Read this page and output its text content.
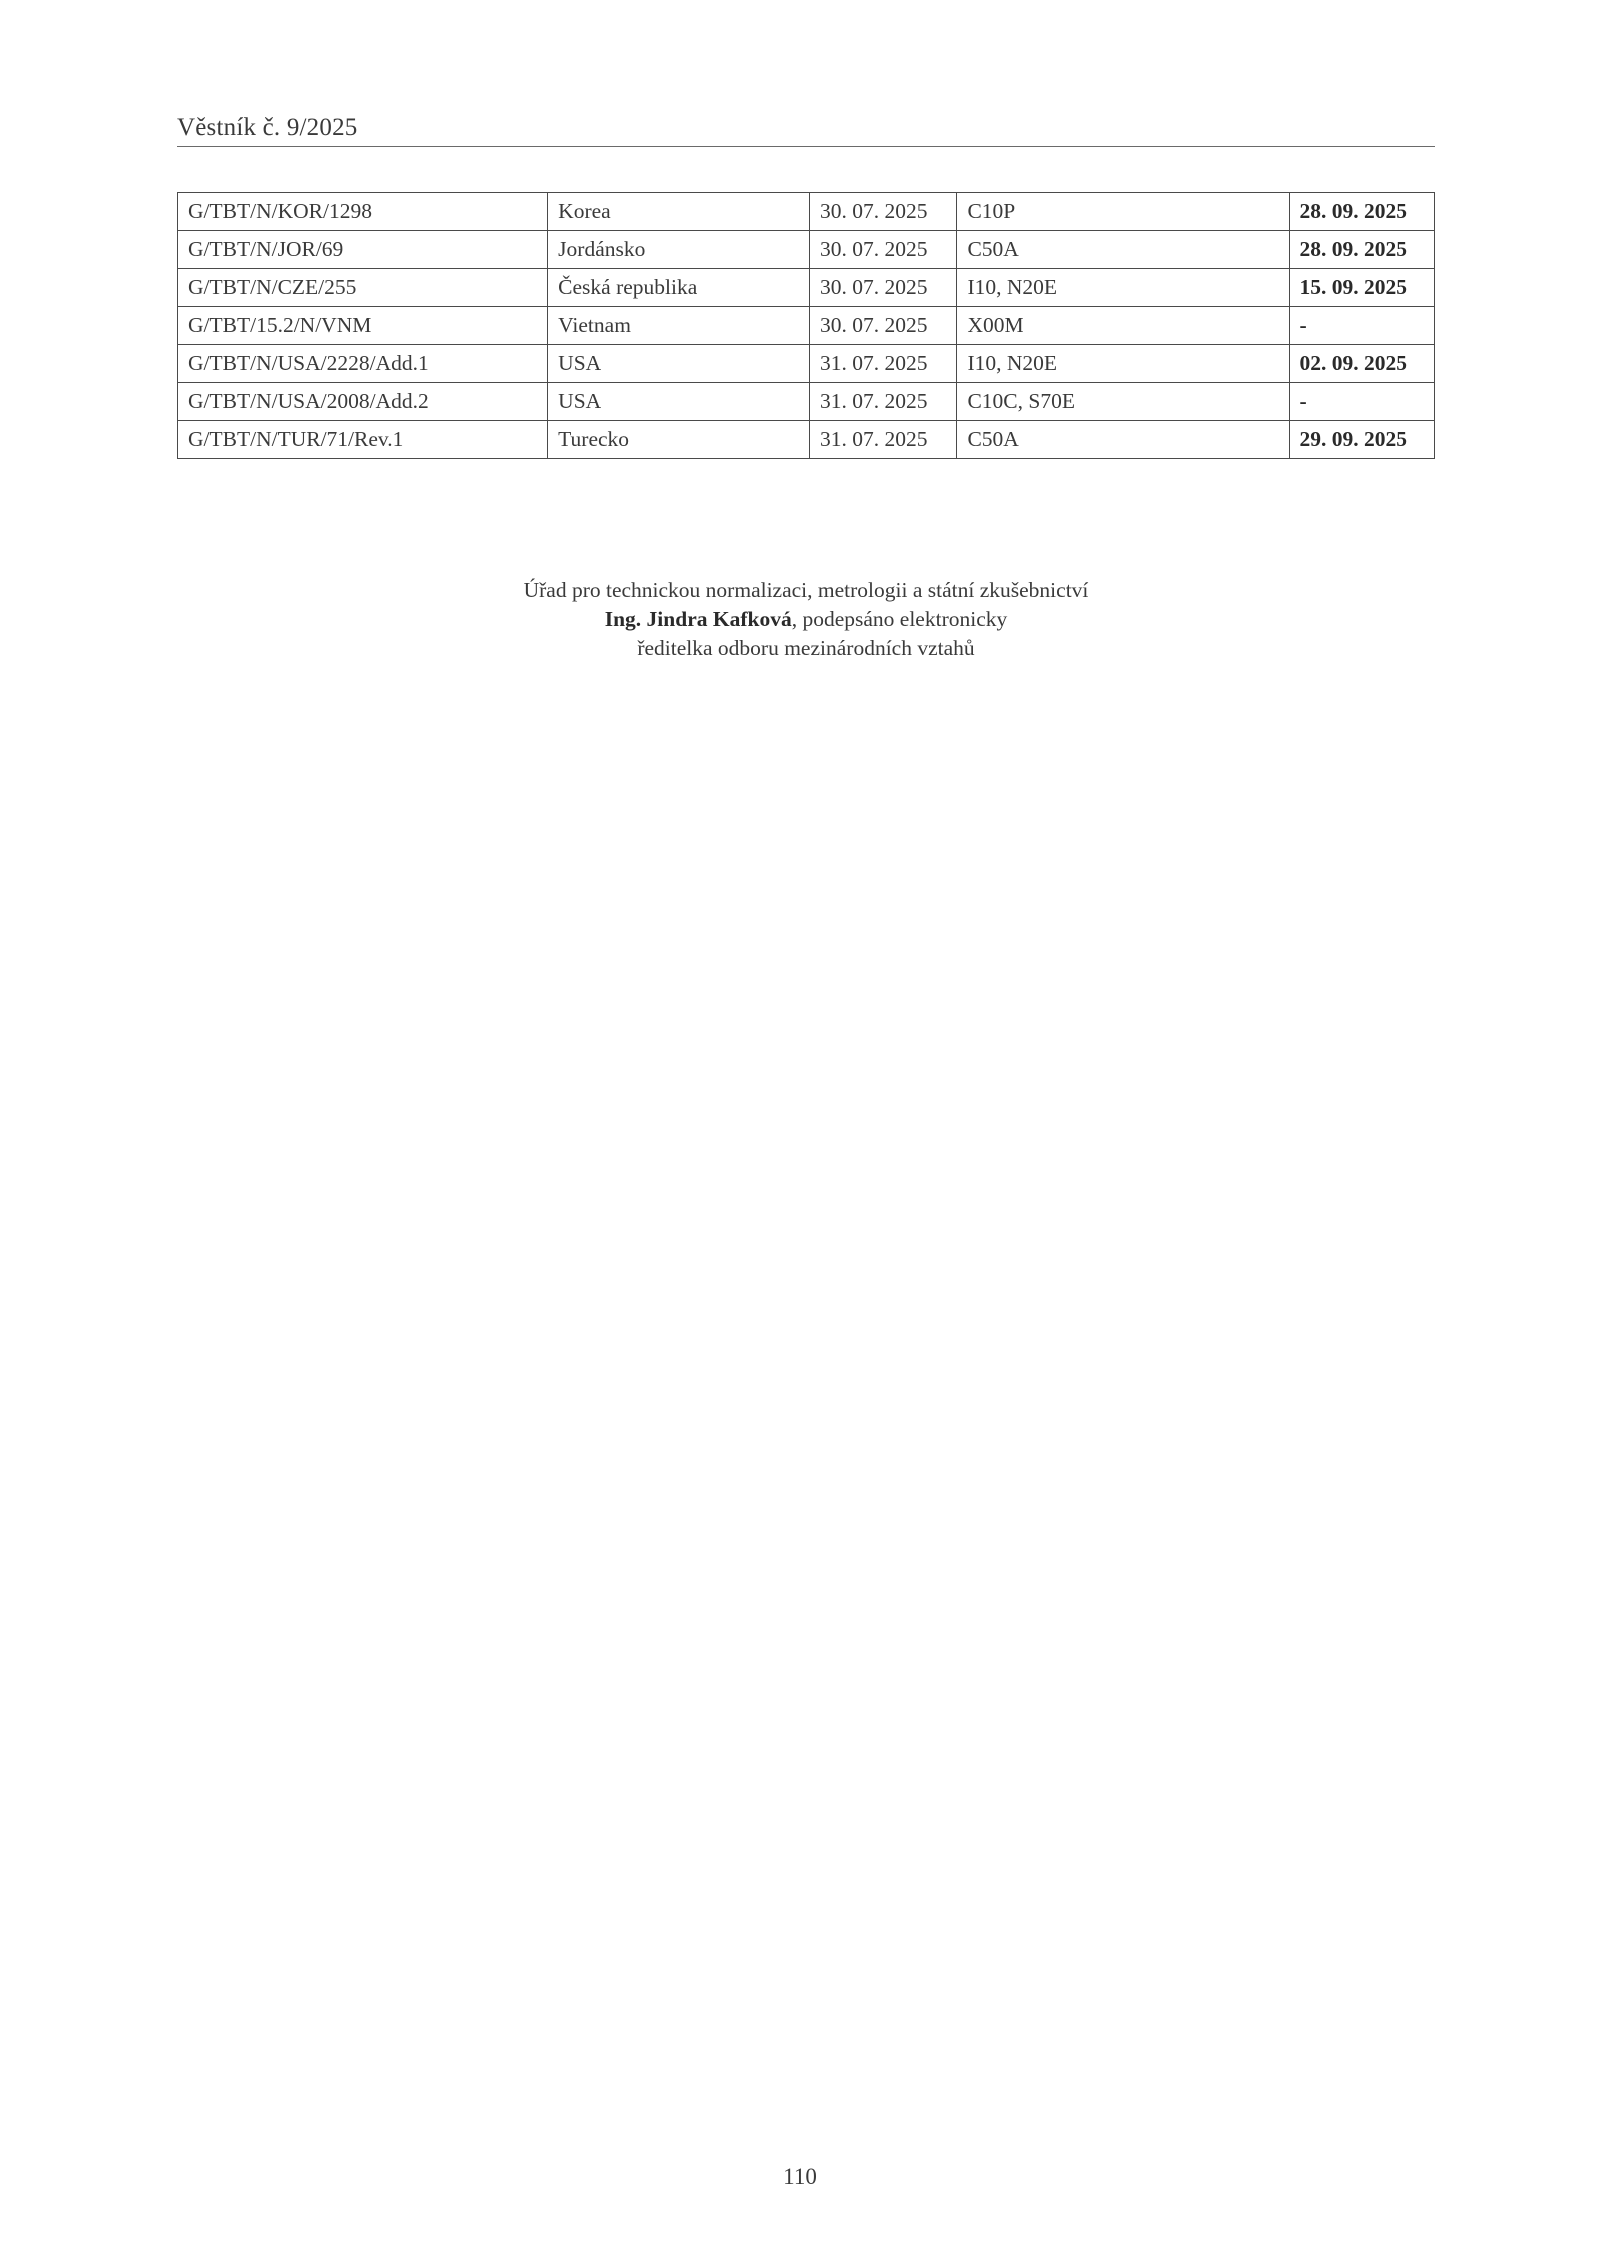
Věstník č. 9/2025
G/TBT/N/KOR/1298	Korea	30. 07. 2025	C10P	28. 09. 2025
G/TBT/N/JOR/69	Jordánsko	30. 07. 2025	C50A	28. 09. 2025
G/TBT/N/CZE/255	Česká republika	30. 07. 2025	I10, N20E	15. 09. 2025
G/TBT/15.2/N/VNM	Vietnam	30. 07. 2025	X00M	-
G/TBT/N/USA/2228/Add.1	USA	31. 07. 2025	I10, N20E	02. 09. 2025
G/TBT/N/USA/2008/Add.2	USA	31. 07. 2025	C10C, S70E	-
G/TBT/N/TUR/71/Rev.1	Turecko	31. 07. 2025	C50A	29. 09. 2025
Úřad pro technickou normalizaci, metrologii a státní zkušebnictví
Ing. Jindra Kafková, podepsáno elektronicky
ředitelka odboru mezinárodních vztahů
110
